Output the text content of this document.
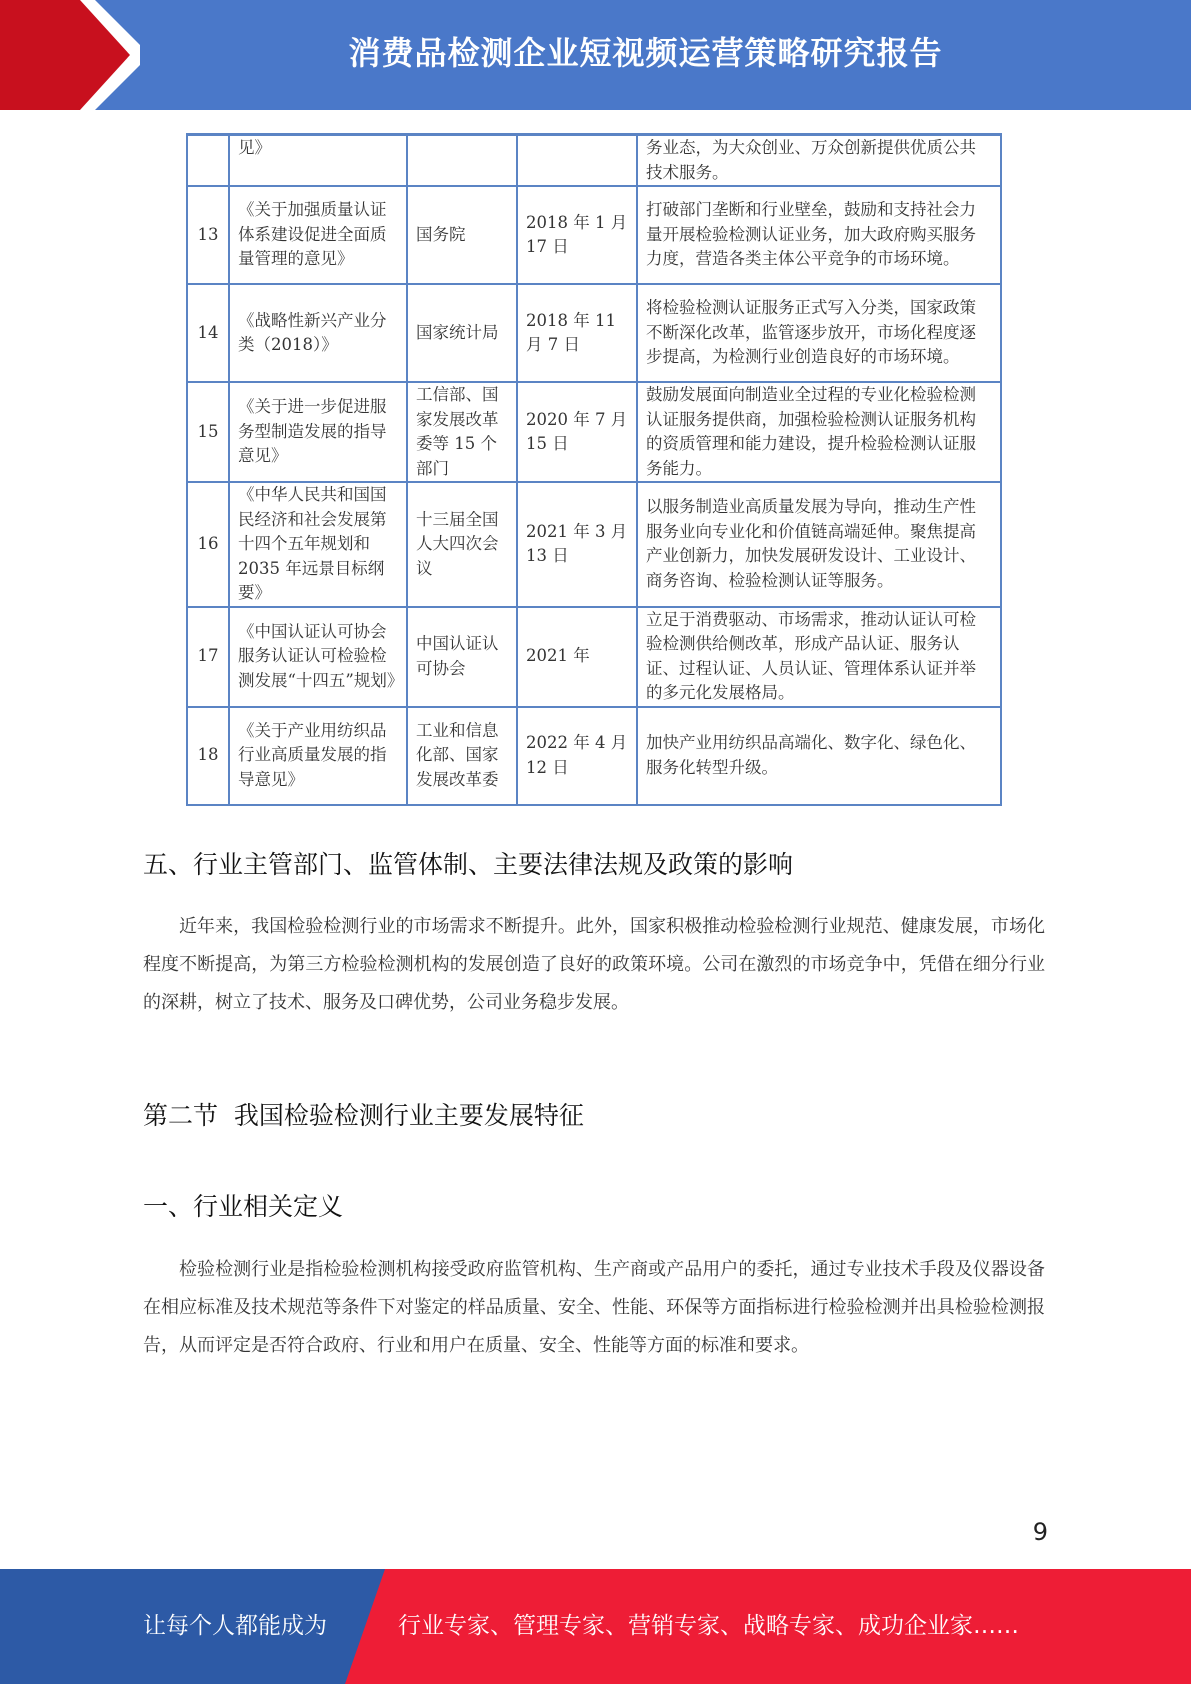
消费品检测企业短视频运营策略研究报告
	见》			务业态，为大众创业、万众创新提供优质公共技术服务。
13	《关于加强质量认证体系建设促进全面质量管理的意见》	国务院	2018 年 1 月 17 日	打破部门垄断和行业壁垒，鼓励和支持社会力量开展检验检测认证业务，加大政府购买服务力度，营造各类主体公平竞争的市场环境。
14	《战略性新兴产业分类（2018）》	国家统计局	2018 年 11 月 7 日	将检验检测认证服务正式写入分类，国家政策不断深化改革，监管逐步放开，市场化程度逐步提高，为检测行业创造良好的市场环境。
15	《关于进一步促进服务型制造发展的指导意见》	工信部、国家发展改革委等 15 个部门	2020 年 7 月 15 日	鼓励发展面向制造业全过程的专业化检验检测认证服务提供商，加强检验检测认证服务机构的资质管理和能力建设，提升检验检测认证服务能力。
16	《中华人民共和国国民经济和社会发展第十四个五年规划和 2035 年远景目标纲要》	十三届全国人大四次会议	2021 年 3 月 13 日	以服务制造业高质量发展为导向，推动生产性服务业向专业化和价值链高端延伸。聚焦提高产业创新力，加快发展研发设计、工业设计、商务咨询、检验检测认证等服务。
17	《中国认证认可协会服务认证认可检验检测发展“十四五”规划》	中国认证认可协会	2021 年	立足于消费驱动、市场需求，推动认证认可检验检测供给侧改革，形成产品认证、服务认证、过程认证、人员认证、管理体系认证并举的多元化发展格局。
18	《关于产业用纺织品行业高质量发展的指导意见》	工业和信息化部、国家发展改革委	2022 年 4 月 12 日	加快产业用纺织品高端化、数字化、绿色化、服务化转型升级。
五、行业主管部门、监管体制、主要法律法规及政策的影响
近年来，我国检验检测行业的市场需求不断提升。此外，国家积极推动检验检测行业规范、健康发展，市场化程度不断提高，为第三方检验检测机构的发展创造了良好的政策环境。公司在激烈的市场竞争中，凭借在细分行业的深耕，树立了技术、服务及口碑优势，公司业务稳步发展。
第二节  我国检验检测行业主要发展特征
一、行业相关定义
检验检测行业是指检验检测机构接受政府监管机构、生产商或产品用户的委托，通过专业技术手段及仪器设备在相应标准及技术规范等条件下对鉴定的样品质量、安全、性能、环保等方面指标进行检验检测并出具检验检测报告，从而评定是否符合政府、行业和用户在质量、安全、性能等方面的标准和要求。
9
让每个人都能成为	行业专家、管理专家、营销专家、战略专家、成功企业家……
